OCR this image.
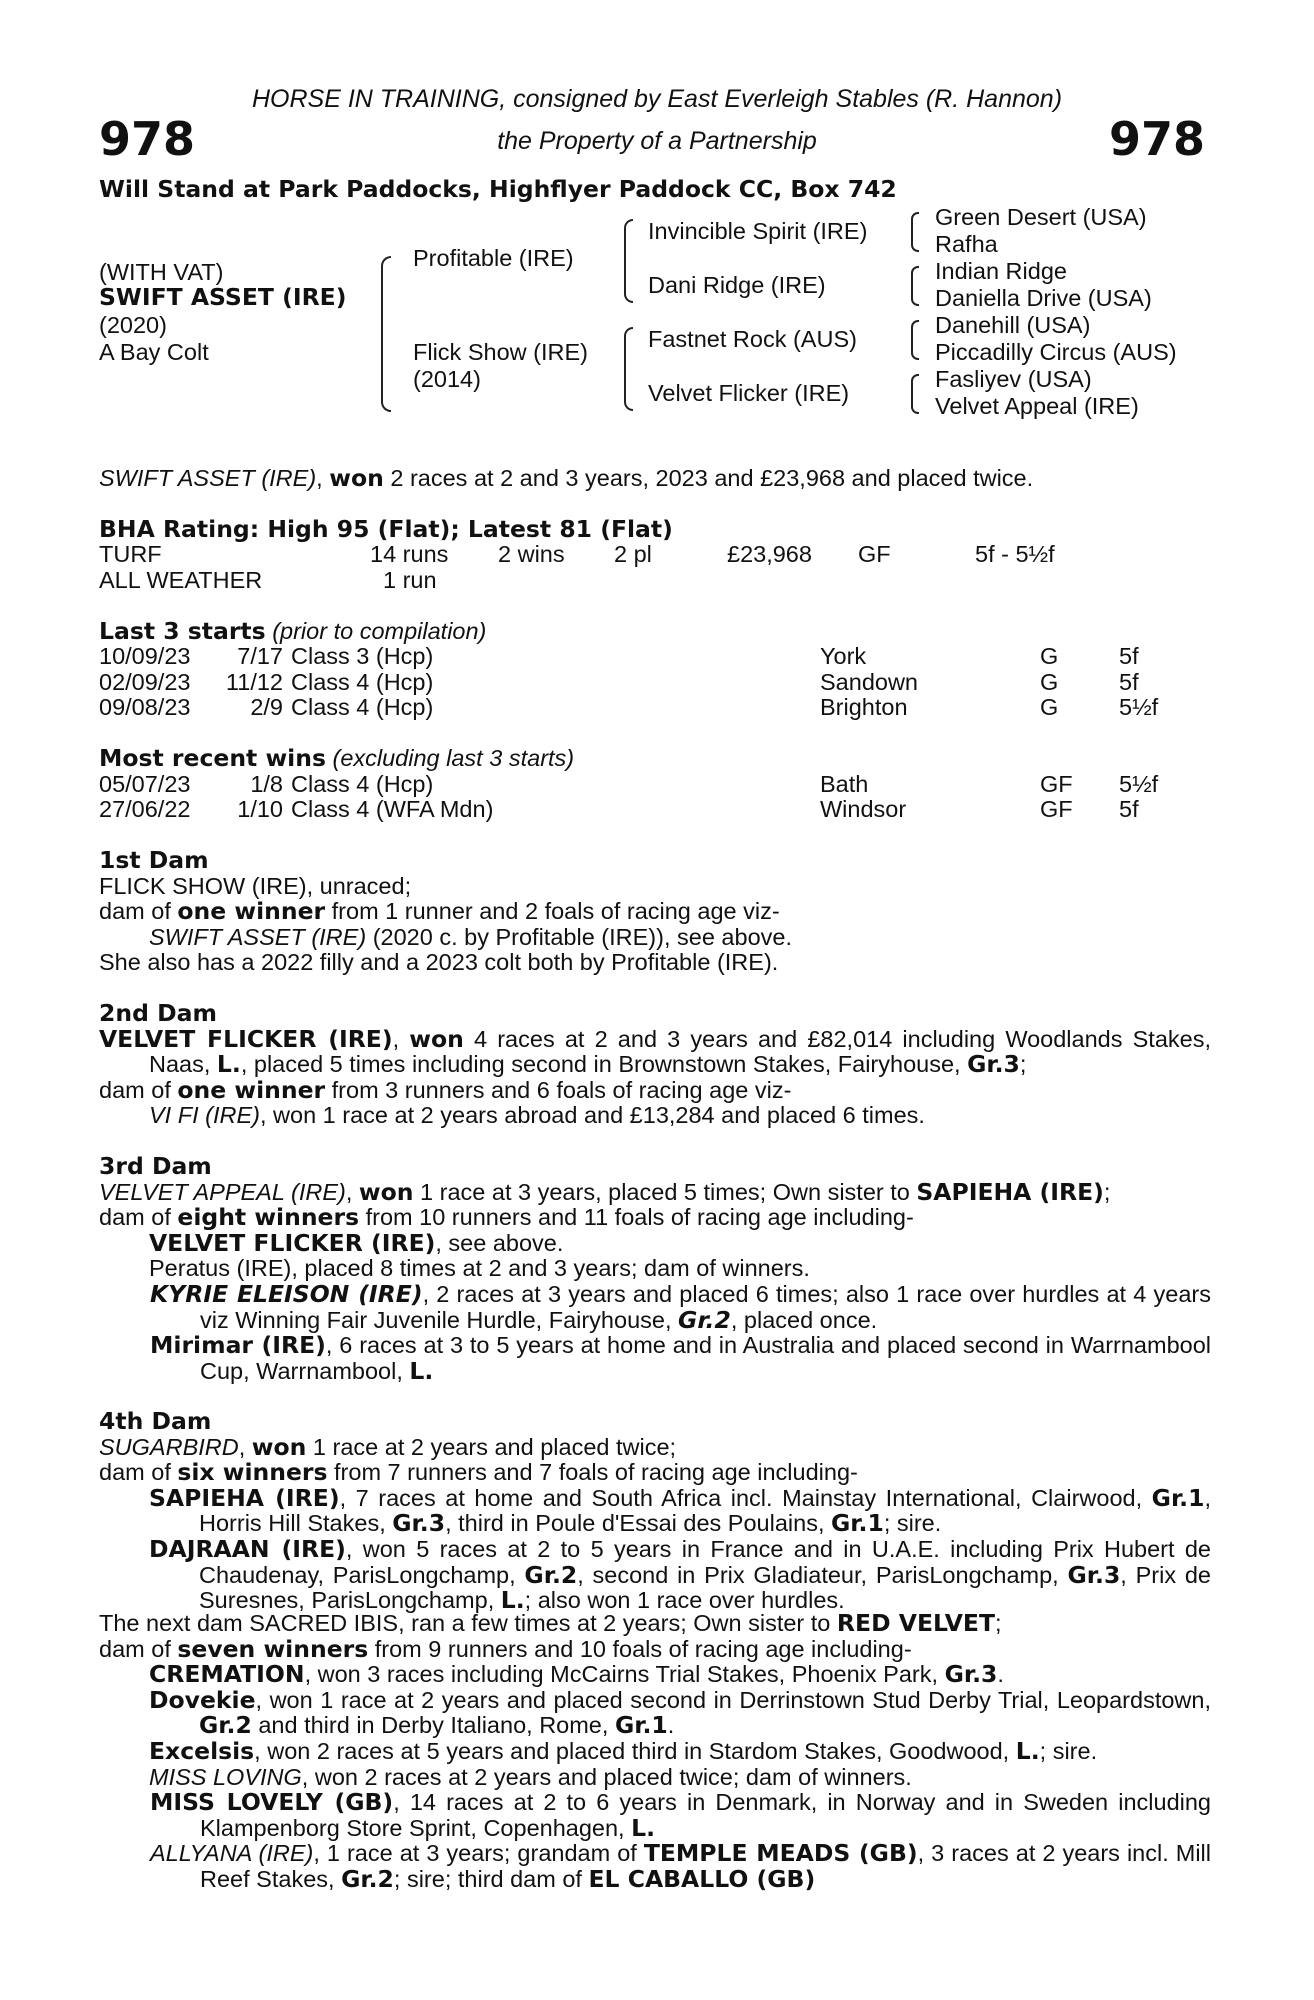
HORSE IN TRAINING, consigned by East Everleigh Stables (R. Hannon)
the Property of a Partnership
978	978
Will Stand at Park Paddocks, Highflyer Paddock CC, Box 742
(WITH VAT)
SWIFT ASSET (IRE)
(2020)
A Bay Colt
Profitable (IRE)
Flick Show (IRE)
(2014)
Invincible Spirit (IRE)
Dani Ridge (IRE)
Fastnet Rock (AUS)
Velvet Flicker (IRE)
Green Desert (USA)
Rafha
Indian Ridge
Daniella Drive (USA)
Danehill (USA)
Piccadilly Circus (AUS)
Fasliyev (USA)
Velvet Appeal (IRE)
SWIFT ASSET (IRE), won 2 races at 2 and 3 years, 2023 and £23,968 and placed twice.
BHA Rating: High 95 (Flat); Latest 81 (Flat)
TURF	14 runs 2 wins 2 pl	£23,968 GF	5f - 5½f
ALL WEATHER	1 run
Last 3 starts (prior to compilation)
10/09/23	7/17 Class 3 (Hcp)	York	G	5f
02/09/23	11/12 Class 4 (Hcp)	Sandown	G	5f
09/08/23	2/9 Class 4 (Hcp)	Brighton	G	5½f
Most recent wins (excluding last 3 starts)
05/07/23	1/8 Class 4 (Hcp)	Bath	GF 5½f
27/06/22	1/10 Class 4 (WFA Mdn)	Windsor	GF 5f

1st Dam

FLICK SHOW (IRE), unraced;

dam of one winner from 1 runner and 2 foals of racing age viz-

SWIFT ASSET (IRE) (2020 c. by Profitable (IRE)), see above.

She also has a 2022 filly and a 2023 colt both by Profitable (IRE).

2nd Dam

VELVET FLICKER (IRE), won 4 races at 2 and 3 years and £82,014 including Woodlands Stakes, Naas, L., placed 5 times including second in Brownstown Stakes, Fairyhouse, Gr.3;

dam of one winner from 3 runners and 6 foals of racing age viz-

VI FI (IRE), won 1 race at 2 years abroad and £13,284 and placed 6 times.

3rd Dam

VELVET APPEAL (IRE), won 1 race at 3 years, placed 5 times; Own sister to SAPIEHA (IRE);

dam of eight winners from 10 runners and 11 foals of racing age including-

VELVET FLICKER (IRE), see above.

Peratus (IRE), placed 8 times at 2 and 3 years; dam of winners.

KYRIE ELEISON (IRE), 2 races at 3 years and placed 6 times; also 1 race over hurdles at 4 years viz Winning Fair Juvenile Hurdle, Fairyhouse, Gr.2, placed once.

Mirimar (IRE), 6 races at 3 to 5 years at home and in Australia and placed second in Warrnambool Cup, Warrnambool, L.

4th Dam

SUGARBIRD, won 1 race at 2 years and placed twice;

dam of six winners from 7 runners and 7 foals of racing age including-

SAPIEHA (IRE), 7 races at home and South Africa incl. Mainstay International, Clairwood, Gr.1, Horris Hill Stakes, Gr.3, third in Poule d'Essai des Poulains, Gr.1; sire.

DAJRAAN (IRE), won 5 races at 2 to 5 years in France and in U.A.E. including Prix Hubert de Chaudenay, ParisLongchamp, Gr.2, second in Prix Gladiateur, ParisLongchamp, Gr.3, Prix de Suresnes, ParisLongchamp, L.; also won 1 race over hurdles.

The next dam SACRED IBIS, ran a few times at 2 years; Own sister to RED VELVET;

dam of seven winners from 9 runners and 10 foals of racing age including-

CREMATION, won 3 races including McCairns Trial Stakes, Phoenix Park, Gr.3.

Dovekie, won 1 race at 2 years and placed second in Derrinstown Stud Derby Trial, Leopardstown, Gr.2 and third in Derby Italiano, Rome, Gr.1.

Excelsis, won 2 races at 5 years and placed third in Stardom Stakes, Goodwood, L.; sire.

MISS LOVING, won 2 races at 2 years and placed twice; dam of winners.

MISS LOVELY (GB), 14 races at 2 to 6 years in Denmark, in Norway and in Sweden including Klampenborg Store Sprint, Copenhagen, L.

ALLYANA (IRE), 1 race at 3 years; grandam of TEMPLE MEADS (GB), 3 races at 2 years incl. Mill Reef Stakes, Gr.2; sire; third dam of EL CABALLO (GB)
